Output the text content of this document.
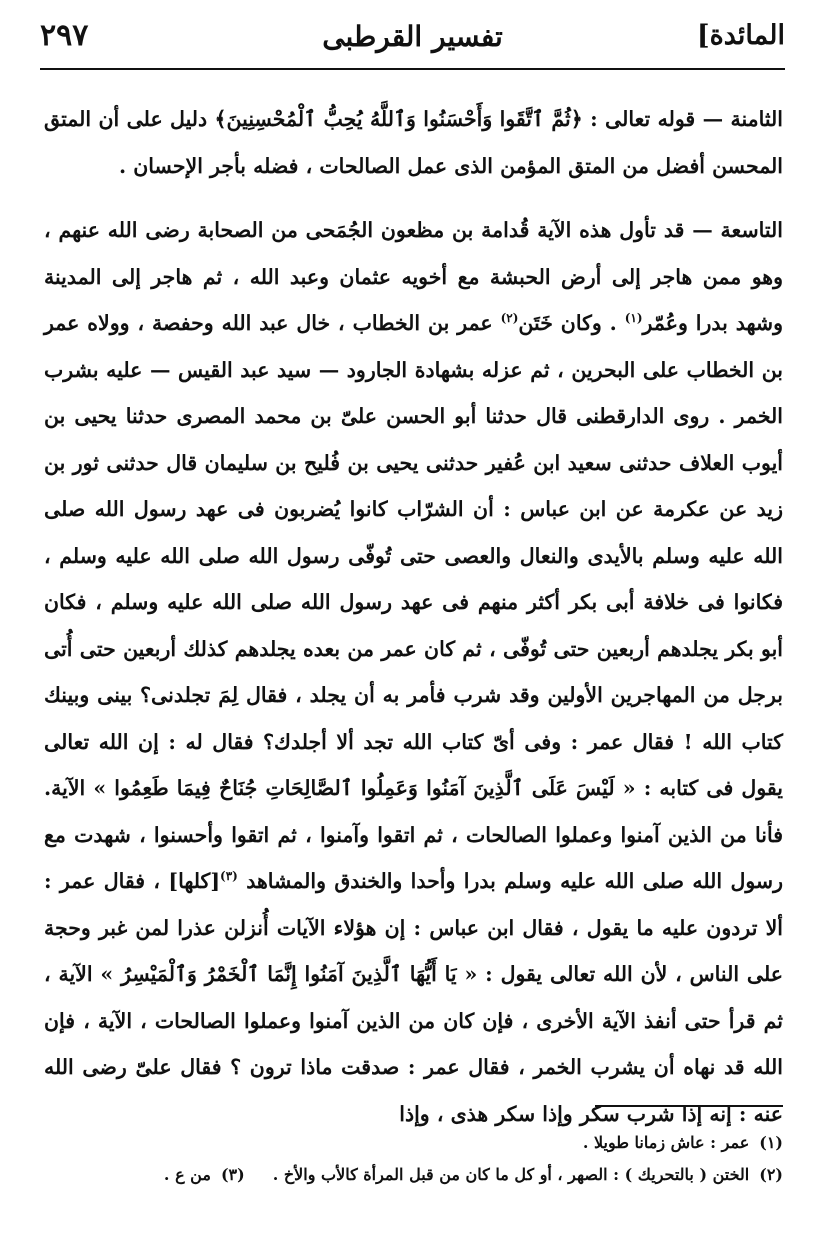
المائدة]
تفسير القرطبى
٢٩٧

الثامنة — قوله تعالى : ﴿ثُمَّ ٱتَّقَوا وَأَحْسَنُوا وَٱللَّهُ يُحِبُّ ٱلْمُحْسِنِينَ﴾ دليل على أن المتق المحسن أفضل من المتق المؤمن الذى عمل الصالحات ، فضله بأجر الإحسان .

التاسعة — قد تأول هذه الآية قُدامة بن مظعون الجُمَحى من الصحابة رضى الله عنهم ، وهو ممن هاجر إلى أرض الحبشة مع أخويه عثمان وعبد الله ، ثم هاجر إلى المدينة وشهد بدرا وعُمّر$^{(١)}$ . وكان خَتَن$^{(٢)}$ عمر بن الخطاب ، خال عبد الله وحفصة ، وولاه عمر بن الخطاب على البحرين ، ثم عزله بشهادة الجارود — سيد عبد القيس — عليه بشرب الخمر . روى الدارقطنى قال حدثنا أبو الحسن علىّ بن محمد المصرى حدثنا يحيى بن أيوب العلاف حدثنى سعيد ابن عُفير حدثنى يحيى بن فُليح بن سليمان قال حدثنى ثور بن زيد عن عكرمة عن ابن عباس : أن الشرّاب كانوا يُضربون فى عهد رسول الله صلى الله عليه وسلم بالأيدى والنعال والعصى حتى تُوفّى رسول الله صلى الله عليه وسلم ، فكانوا فى خلافة أبى بكر أكثر منهم فى عهد رسول الله صلى الله عليه وسلم ، فكان أبو بكر يجلدهم أربعين حتى تُوفّى ، ثم كان عمر من بعده يجلدهم كذلك أربعين حتى أُتى برجل من المهاجرين الأولين وقد شرب فأمر به أن يجلد ، فقال لِمَ تجلدنى؟ بينى وبينك كتاب الله ! فقال عمر : وفى أىّ كتاب الله تجد ألا أجلدك؟ فقال له : إن الله تعالى يقول فى كتابه : « لَيْسَ عَلَى ٱلَّذِينَ آمَنُوا وَعَمِلُوا ٱلصَّالِحَاتِ جُنَاحٌ فِيمَا طَعِمُوا » الآية. فأنا من الذين آمنوا وعملوا الصالحات ، ثم اتقوا وآمنوا ، ثم اتقوا وأحسنوا ، شهدت مع رسول الله صلى الله عليه وسلم بدرا وأحدا والخندق والمشاهد $^{(٣)}$[كلها] ، فقال عمر : ألا تردون عليه ما يقول ، فقال ابن عباس : إن هؤلاء الآيات أُنزلن عذرا لمن غبر وحجة على الناس ، لأن الله تعالى يقول : « يَا أَيُّهَا ٱلَّذِينَ آمَنُوا إِنَّمَا ٱلْخَمْرُ وَٱلْمَيْسِرُ » الآية ، ثم قرأ حتى أنفذ الآية الأخرى ، فإن كان من الذين آمنوا وعملوا الصالحات ، الآية ، فإن الله قد نهاه أن يشرب الخمر ، فقال عمر : صدقت ماذا ترون ؟ فقال علىّ رضى الله عنه : إنه إذا شرب سكر وإذا سكر هذى ، وإذا

(١)عمر : عاش زمانا طويلا .

(٢)الختن ( بالتحريك ) : الصهر ، أو كل ما كان من قبل المرأة كالأب والأخ .(٣)من ع .
